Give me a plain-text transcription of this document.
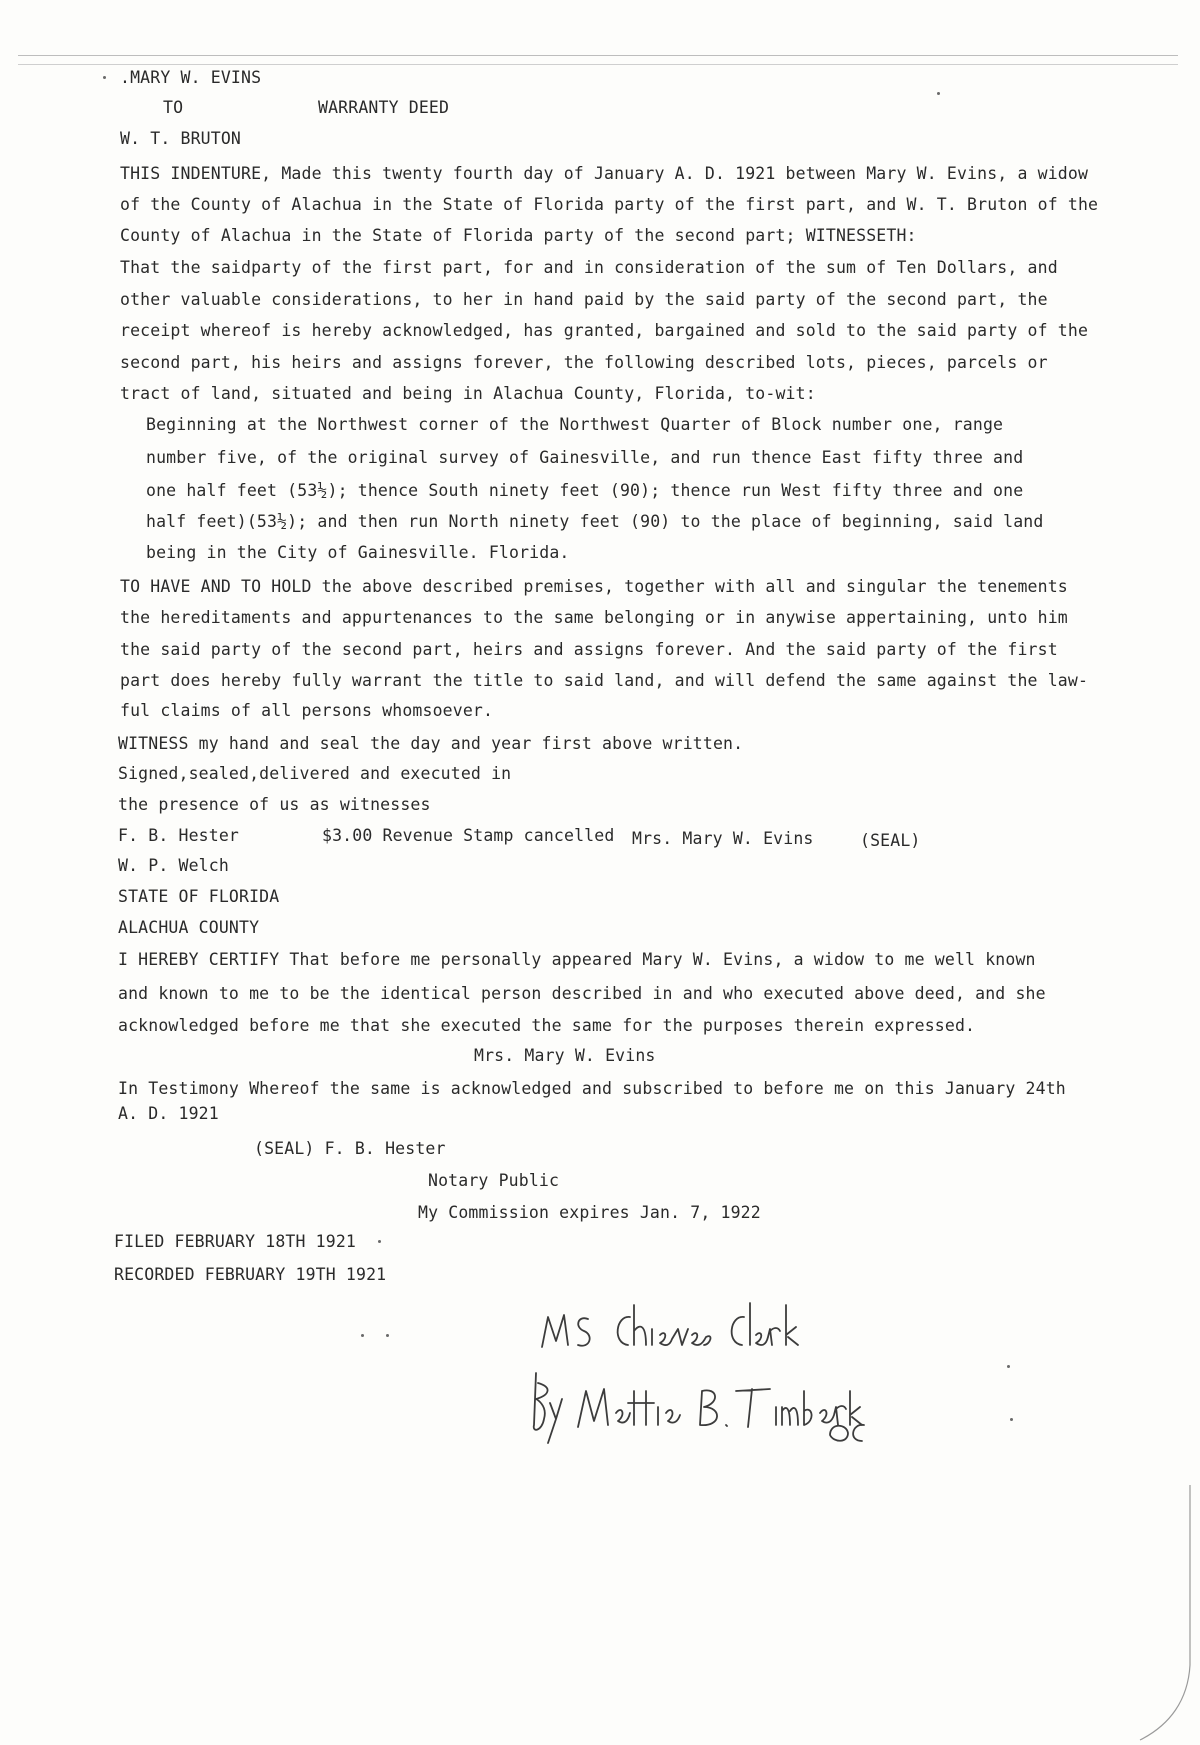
.MARY W. EVINS
TO	WARRANTY DEED
W. T. BRUTON
THIS INDENTURE, Made this twenty fourth day of January A. D. 1921 between Mary W. Evins, a widow
of the County of Alachua in the State of Florida party of the first part, and W. T. Bruton of the
County of Alachua in the State of Florida party of the second part; WITNESSETH:
That the saidparty of the first part, for and in consideration of the sum of Ten Dollars, and
other valuable considerations, to her in hand paid by the said party of the second part, the
receipt whereof is hereby acknowledged, has granted, bargained and sold to the said party of the
second part, his heirs and assigns forever, the following described lots, pieces, parcels or
tract of land, situated and being in Alachua County, Florida, to-wit:
Beginning at the Northwest corner of the Northwest Quarter of Block number one, range
number five, of the original survey of Gainesville, and run thence East fifty three and
one half feet (53½); thence South ninety feet (90); thence run West fifty three and one
half feet)(53½); and then run North ninety feet (90) to the place of beginning, said land
being in the City of Gainesville. Florida.
TO HAVE AND TO HOLD the above described premises, together with all and singular the tenements
the hereditaments and appurtenances to the same belonging or in anywise appertaining, unto him
the said party of the second part, heirs and assigns forever. And the said party of the first
part does hereby fully warrant the title to said land, and will defend the same against the law-
ful claims of all persons whomsoever.
WITNESS my hand and seal the day and year first above written.
Signed,sealed,delivered and executed in
the presence of us as witnesses
F. B. Hester	$3.00 Revenue Stamp cancelled Mrs. Mary W. Evins	(SEAL)
W. P. Welch
STATE OF FLORIDA
ALACHUA COUNTY
I HEREBY CERTIFY That before me personally appeared Mary W. Evins, a widow to me well known
and known to me to be the identical person described in and who executed above deed, and she
acknowledged before me that she executed the same for the purposes therein expressed.
Mrs. Mary W. Evins
In Testimony Whereof the same is acknowledged and subscribed to before me on this January 24th
A. D. 1921
(SEAL) F. B. Hester
Notary Public
My Commission expires Jan. 7, 1922
FILED FEBRUARY 18TH 1921
RECORDED FEBRUARY 19TH 1921
